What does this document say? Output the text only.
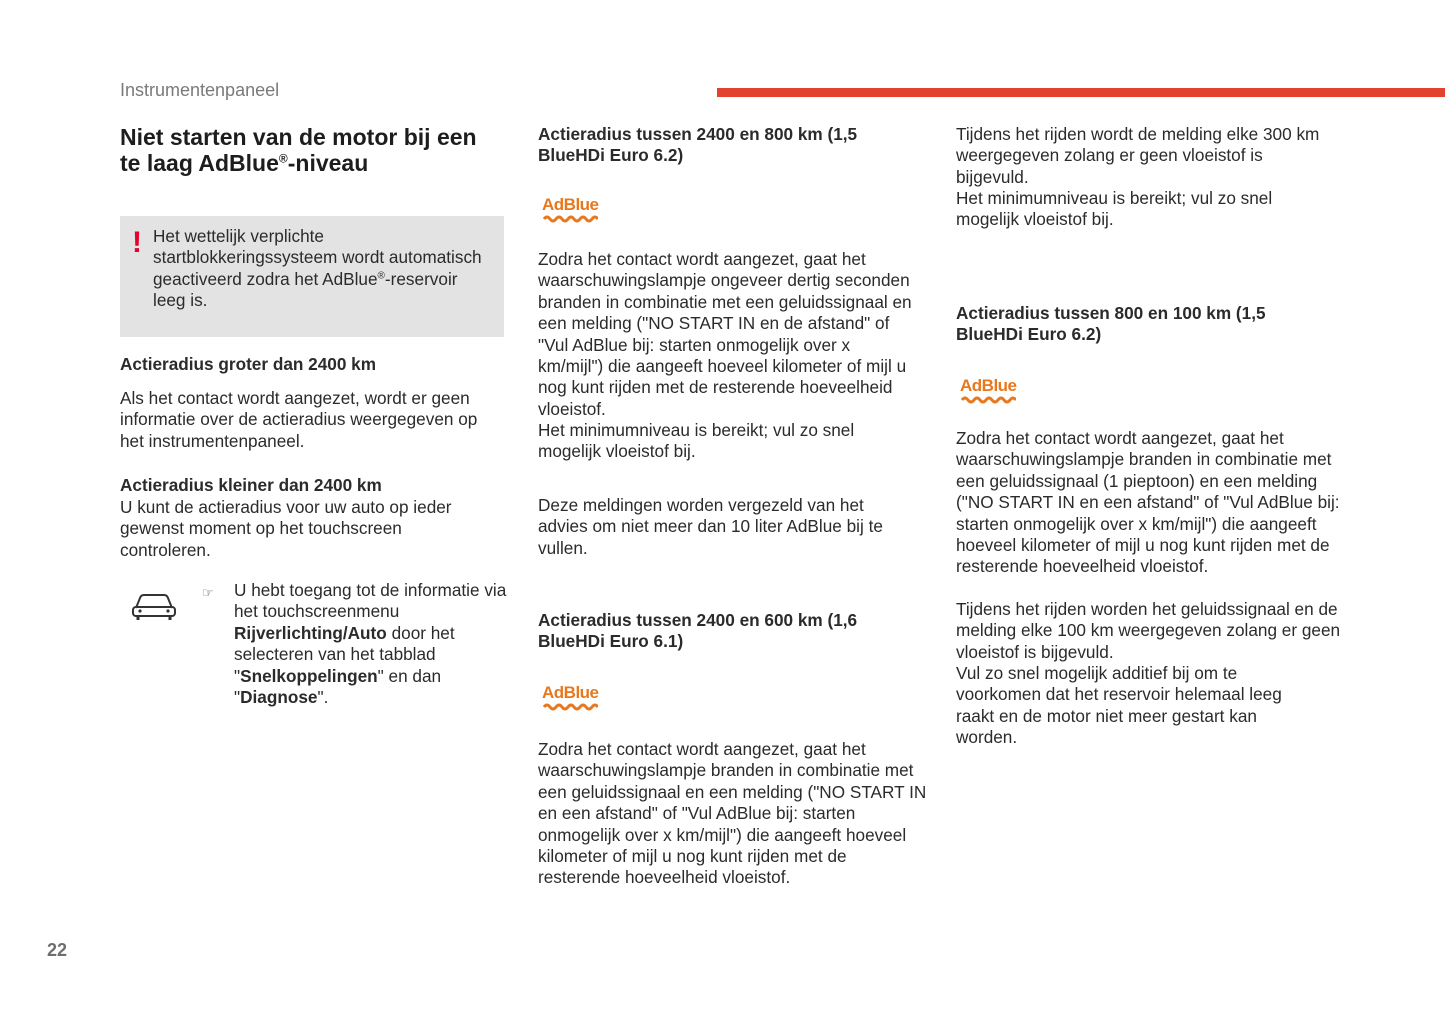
Instrumentenpaneel
Niet starten van de motor bij een
te laag AdBlue®-niveau
! Het wettelijk verplichte startblokkeringssysteem wordt automatisch geactiveerd zodra het AdBlue®-reservoir leeg is.

Actieradius groter dan 2400 km

Als het contact wordt aangezet, wordt er geen informatie over de actieradius weergegeven op het instrumentenpaneel.

Actieradius kleiner dan 2400 km

U kunt de actieradius voor uw auto op ieder gewenst moment op het touchscreen controleren.

☞ U hebt toegang tot de informatie via het touchscreenmenu Rijverlichting/Auto door het selecteren van het tabblad "Snelkoppelingen" en dan "Diagnose".

Actieradius tussen 2400 en 800 km (1,5 BlueHDi Euro 6.2)

AdBlue

Zodra het contact wordt aangezet, gaat het waarschuwingslampje ongeveer dertig seconden branden in combinatie met een geluidssignaal en een melding ("NO START IN en de afstand" of "Vul AdBlue bij: starten onmogelijk over x km/mijl") die aangeeft hoeveel kilometer of mijl u nog kunt rijden met de resterende hoeveelheid vloeistof.

Het minimumniveau is bereikt; vul zo snel mogelijk vloeistof bij.

Deze meldingen worden vergezeld van het advies om niet meer dan 10 liter AdBlue bij te vullen.

Actieradius tussen 2400 en 600 km (1,6 BlueHDi Euro 6.1)

AdBlue

Zodra het contact wordt aangezet, gaat het waarschuwingslampje branden in combinatie met een geluidssignaal en een melding ("NO START IN en een afstand" of "Vul AdBlue bij: starten onmogelijk over x km/mijl") die aangeeft hoeveel kilometer of mijl u nog kunt rijden met de resterende hoeveelheid vloeistof.

Tijdens het rijden wordt de melding elke 300 km weergegeven zolang er geen vloeistof is bijgevuld.

Het minimumniveau is bereikt; vul zo snel mogelijk vloeistof bij.

Actieradius tussen 800 en 100 km (1,5 BlueHDi Euro 6.2)

AdBlue

Zodra het contact wordt aangezet, gaat het waarschuwingslampje branden in combinatie met een geluidssignaal (1 pieptoon) en een melding ("NO START IN en een afstand" of "Vul AdBlue bij: starten onmogelijk over x km/mijl") die aangeeft hoeveel kilometer of mijl u nog kunt rijden met de resterende hoeveelheid vloeistof.

Tijdens het rijden worden het geluidssignaal en de melding elke 100 km weergegeven zolang er geen vloeistof is bijgevuld.

Vul zo snel mogelijk additief bij om te voorkomen dat het reservoir helemaal leeg raakt en de motor niet meer gestart kan worden.

22
